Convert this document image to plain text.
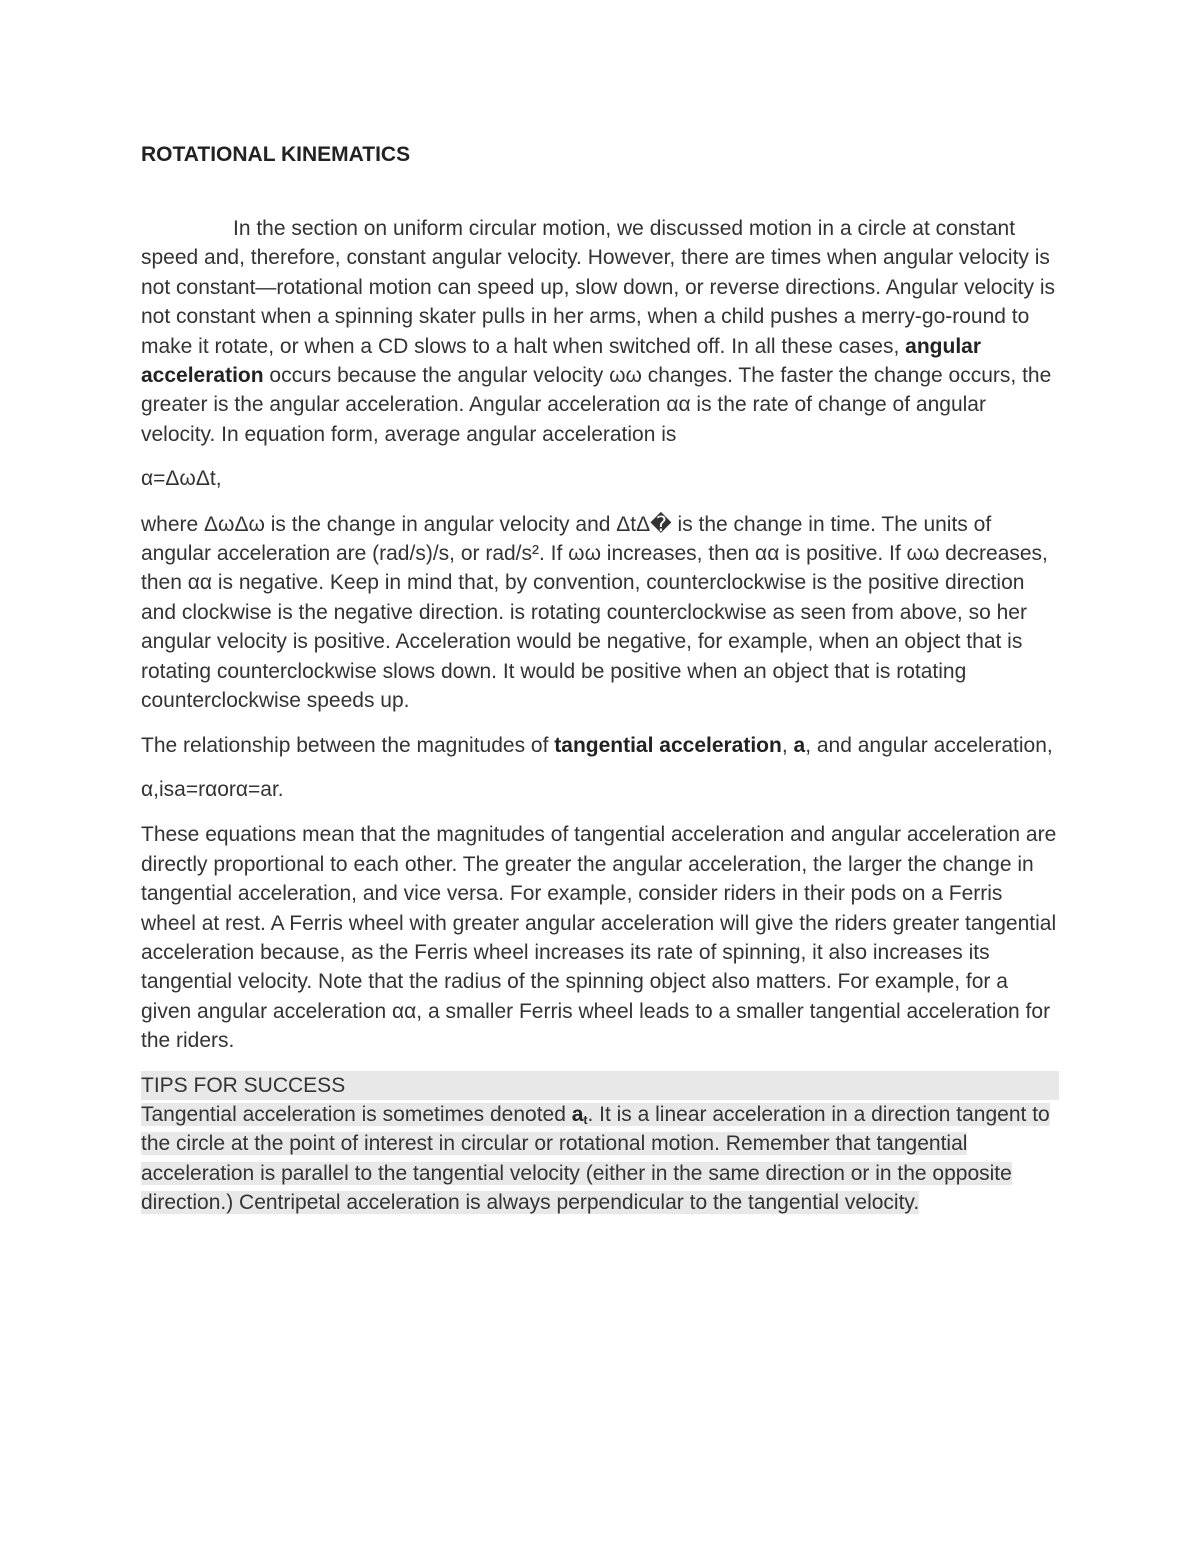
ROTATIONAL KINEMATICS

In the section on uniform circular motion, we discussed motion in a circle at constant speed and, therefore, constant angular velocity. However, there are times when angular velocity is not constant—rotational motion can speed up, slow down, or reverse directions. Angular velocity is not constant when a spinning skater pulls in her arms, when a child pushes a merry-go-round to make it rotate, or when a CD slows to a halt when switched off. In all these cases, angular acceleration occurs because the angular velocity ωω changes. The faster the change occurs, the greater is the angular acceleration. Angular acceleration αα is the rate of change of angular velocity. In equation form, average angular acceleration is

α=ΔωΔt,

where ΔωΔω is the change in angular velocity and ΔtΔ� is the change in time. The units of angular acceleration are (rad/s)/s, or rad/s². If ωω increases, then αα is positive. If ωω decreases, then αα is negative. Keep in mind that, by convention, counterclockwise is the positive direction and clockwise is the negative direction. is rotating counterclockwise as seen from above, so her angular velocity is positive. Acceleration would be negative, for example, when an object that is rotating counterclockwise slows down. It would be positive when an object that is rotating counterclockwise speeds up.

The relationship between the magnitudes of tangential acceleration, a, and angular acceleration,

α,isa=rαorα=ar.

These equations mean that the magnitudes of tangential acceleration and angular acceleration are directly proportional to each other. The greater the angular acceleration, the larger the change in tangential acceleration, and vice versa. For example, consider riders in their pods on a Ferris wheel at rest. A Ferris wheel with greater angular acceleration will give the riders greater tangential acceleration because, as the Ferris wheel increases its rate of spinning, it also increases its tangential velocity. Note that the radius of the spinning object also matters. For example, for a given angular acceleration αα, a smaller Ferris wheel leads to a smaller tangential acceleration for the riders.

TIPS FOR SUCCESS
Tangential acceleration is sometimes denoted $a_t$. It is a linear acceleration in a direction tangent to the circle at the point of interest in circular or rotational motion. Remember that tangential acceleration is parallel to the tangential velocity (either in the same direction or in the opposite direction.) Centripetal acceleration is always perpendicular to the tangential velocity.
